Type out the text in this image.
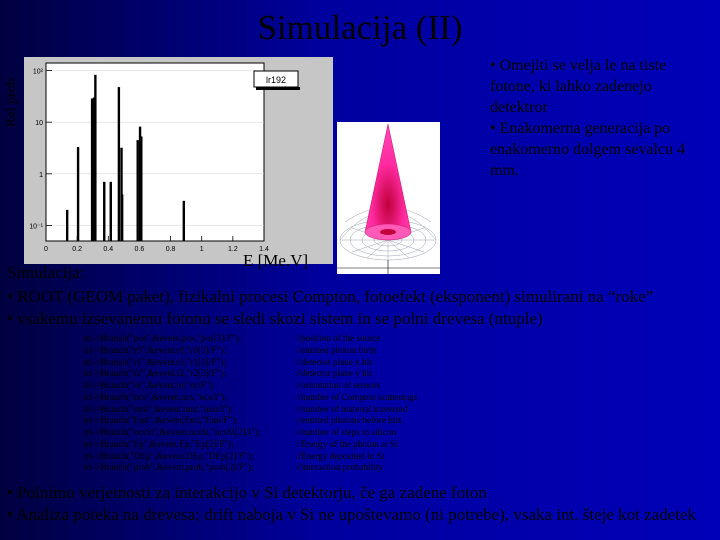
Simulacija (II)
Rel prob
10²
10
1
10⁻¹
0	0.2	0.4	0.6	0.8	1	1.2	1.4
lr192
E [Me.V]
• Omejiti se velja le na tiste fotone, ki lahko zadenejo detektror
• Enakomerna generacija po enakomerno dolgem sevalcu 4 mm.
Simulacija:
• ROOT (GEOM paket), fizikalni procesi Compton, fotoefekt (eksponent) simulirani na “roke”
• vsakemu izsevanemu fotonu se sledi skozi sistem in se polni drevesa (ntuple)
tri->Branch("pos",&event.pos,"pos[3]/F");	//position of the source
tri->Branch("r0",&event.r0,"r0[3]/F");	//emitted photon birth
tri->Branch("r1",&event.r1,"r1[3]/F");	//detector plane x hit
tri->Branch("r2",&event.r2,"r2[3]/F");	//detector plane y hit
tri->Branch("or",&event.or,"or/F");	//orientation of sensors
tri->Branch("ncs",&event.ncs,"ncs/I");	//number of Compton scatterings
tri->Branch("nmt",&event.nmt,"nmt/I");	//number of material traversed
tri->Branch("Emi",&event.Emi,"Emi/F");	//emitted photons before hits
tri->Branch("ncsSi",&event.ncsSi,"ncsSi[2]/I");	//number of steps in silicon
tri->Branch("Ep",&event.Ep,"Ep[2]/F");	//Energy of the photon at Si
tri->Branch("DEp",&event.DEp,"DEp[2]/F");	//Energy deposited in Si
tri->Branch("prob",&event.prob,"prob[2]/F");	//interaction probability
• Polnimo verjetnosti za interakcijo v Si detektorju, če ga zadene foton
• Analiza poteka na drevesa; drift naboja v Si ne upoštevamo (ni potrebe), vsaka int. šteje kot zadetek
